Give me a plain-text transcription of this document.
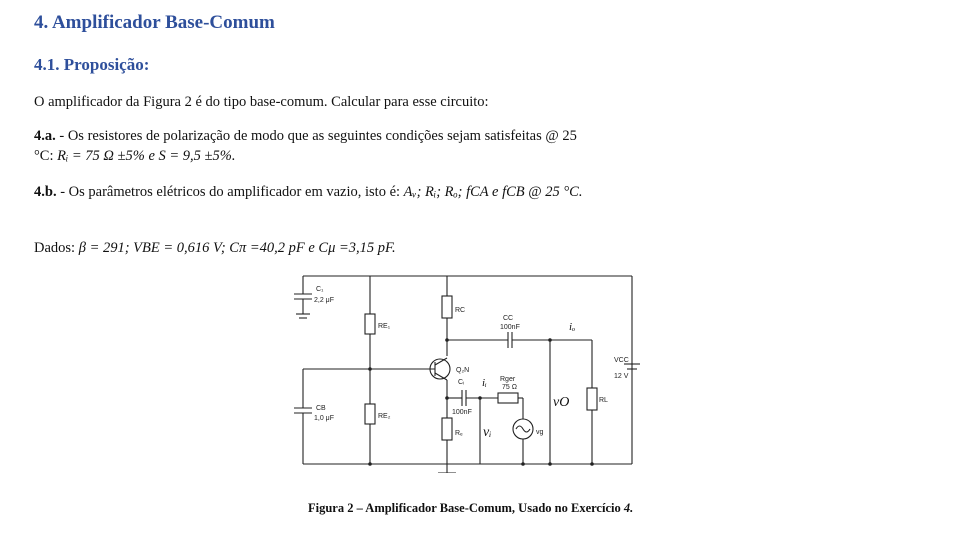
4. Amplificador Base-Comum
4.1. Proposição:

O amplificador da Figura 2 é do tipo base-comum. Calcular para esse circuito:

4.a. - Os resistores de polarização de modo que as seguintes condições sejam satisfeitas @ 25 °C: Rᵢ = 75 Ω ±5% e S = 9,5 ±5%.

4.b. - Os parâmetros elétricos do amplificador em vazio, isto é: Aᵥ; Rᵢ; Rₒ; fCA e fCB @ 25 °C.

Dados: β = 291; VBE = 0,616 V; Cπ =40,2 pF e Cμ =3,15 pF.

C₁
2,2 μF
RE₁
RE₂
RC
CC
100nF	iₒ
Q₂N
Cᵢ
100nF
iᵢ Rger
75 Ω
vO
vᵢ	vg
RL
CB
1,0 μF
Rₑ
VCC
12 V

Figura 2 – Amplificador Base-Comum, Usado no Exercício 4.
